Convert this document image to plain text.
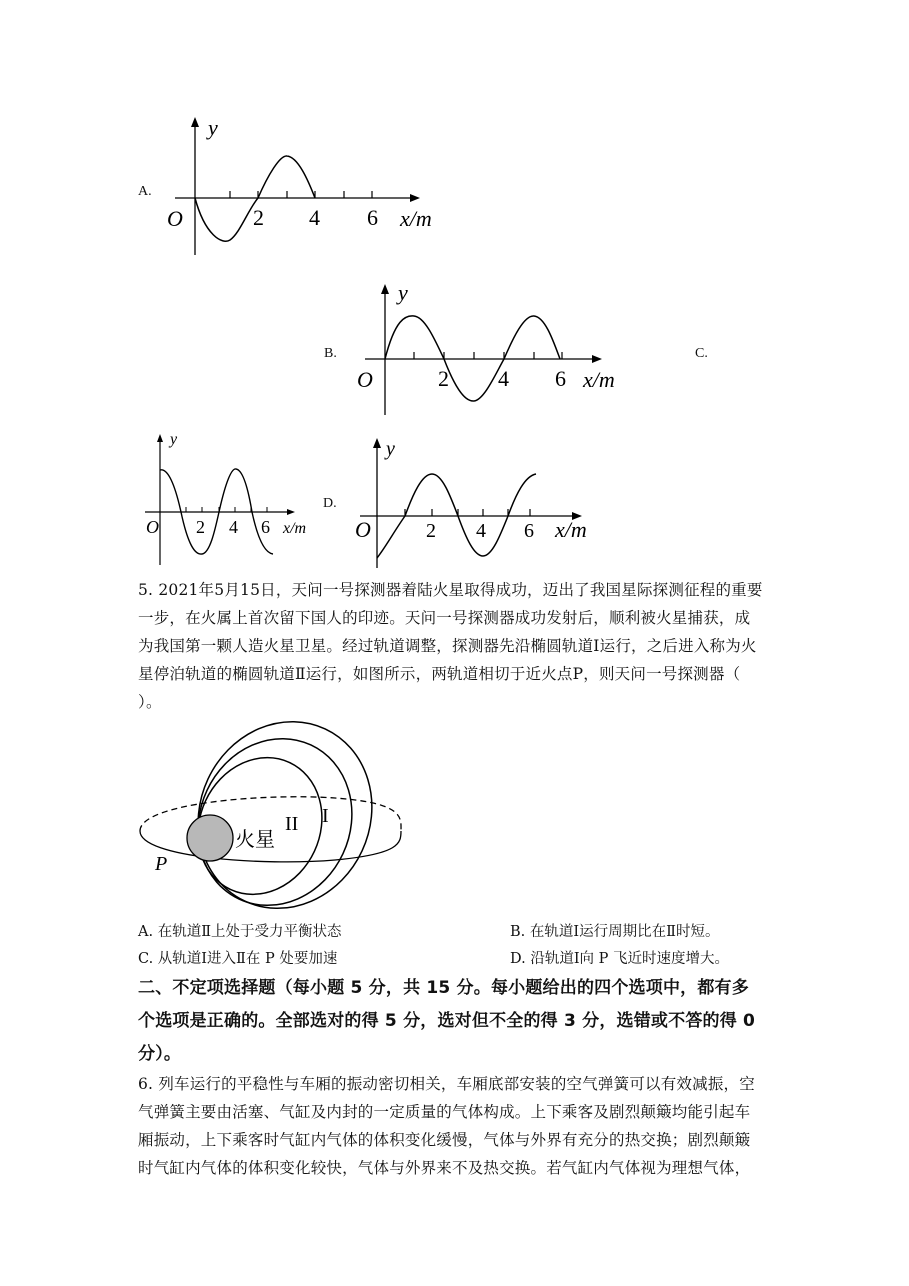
A.
y
O	2 4 6 x/m
B.	C.
y
O	2 4 6 x/m
y
O 2 4 6 x/m
D.
y
O	2 4 6 x/m
5. 2021年5月15日，天问一号探测器着陆火星取得成功，迈出了我国星际探测征程的重要
一步，在火属上首次留下国人的印迹。天问一号探测器成功发射后，顺利被火星捕获，成
为我国第一颗人造火星卫星。经过轨道调整，探测器先沿椭圆轨道Ⅰ运行，之后进入称为火
星停泊轨道的椭圆轨道Ⅱ运行，如图所示，两轨道相切于近火点P，则天问一号探测器（
）。
火星
II I
P
A. 在轨道Ⅱ上处于受力平衡状态	B. 在轨道Ⅰ运行周期比在Ⅱ时短。
C. 从轨道Ⅰ进入Ⅱ在 P 处要加速	D. 沿轨道Ⅰ向 P 飞近时速度增大。
二、不定项选择题（每小题 5 分，共 15 分。每小题给出的四个选项中，都有多
个选项是正确的。全部选对的得 5 分，选对但不全的得 3 分，选错或不答的得 0
分）。
6. 列车运行的平稳性与车厢的振动密切相关，车厢底部安装的空气弹簧可以有效减振，空
气弹簧主要由活塞、气缸及内封的一定质量的气体构成。上下乘客及剧烈颠簸均能引起车
厢振动，上下乘客时气缸内气体的体积变化缓慢，气体与外界有充分的热交换；剧烈颠簸
时气缸内气体的体积变化较快，气体与外界来不及热交换。若气缸内气体视为理想气体，
